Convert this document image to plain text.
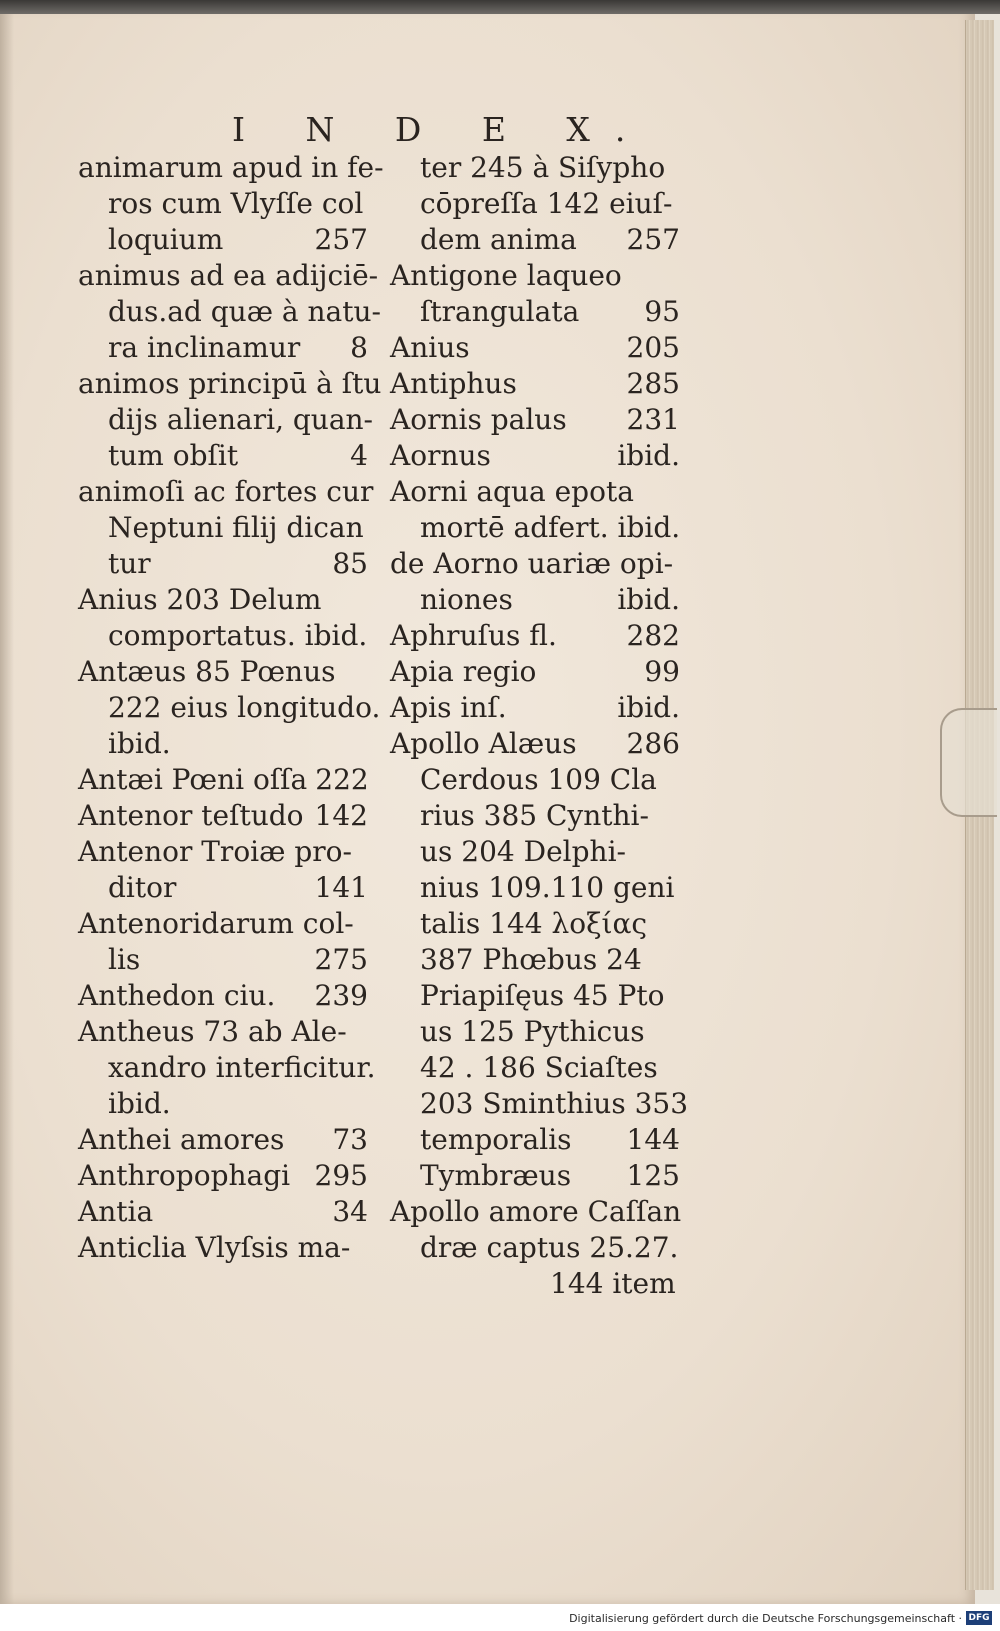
I N D E X.
animarum apud in fe-
ros cum Vlyſſe col
loquium	257
animus ad ea adijciē-
dus.ad quæ à natu-
ra inclinamur 8
animos principū à ſtu
dijs alienari, quan-
tum obſit	4
animoſi ac fortes cur
Neptuni filij dican
tur	85
Anius 203 Delum
comportatus. ibid.
Antæus 85 Pœnus
222 eius longitudo.
ibid.
Antæi Pœni oſſa 222
Antenor teſtudo 142
Antenor Troiæ pro-
ditor	141
Antenoridarum col-
lis	275
Anthedon ciu. 239
Antheus 73 ab Ale-
xandro interficitur.
ibid.
Anthei amores 73
Anthropophagi 295
Antia	34
Anticlia Vlyſsis ma-
ter 245 à Siſypho
cōpreſſa 142 eiuſ-
dem anima 257
Antigone laqueo
ſtrangulata 95
Anius	205
Antiphus	285
Aornis palus 231
Aornus	ibid.
Aorni aqua epota
mortē adfert. ibid.
de Aorno uariæ opi-
niones	ibid.
Aphruſus fl. 282
Apia regio	99
Apis inſ.	ibid.
Apollo Alæus 286
Cerdous 109 Cla
rius 385 Cynthi-
us 204 Delphi-
nius 109.110 geni
talis 144 λοξίας
387 Phœbus 24
Priapiſęus 45 Pto
us 125 Pythicus
42 . 186 Sciaſtes
203 Sminthius 353
temporalis 144
Tymbræus 125
Apollo amore Caſſan
dræ captus 25.27.
144 item
Digitalisierung gefördert durch die Deutsche Forschungsgemeinschaft · DFG
